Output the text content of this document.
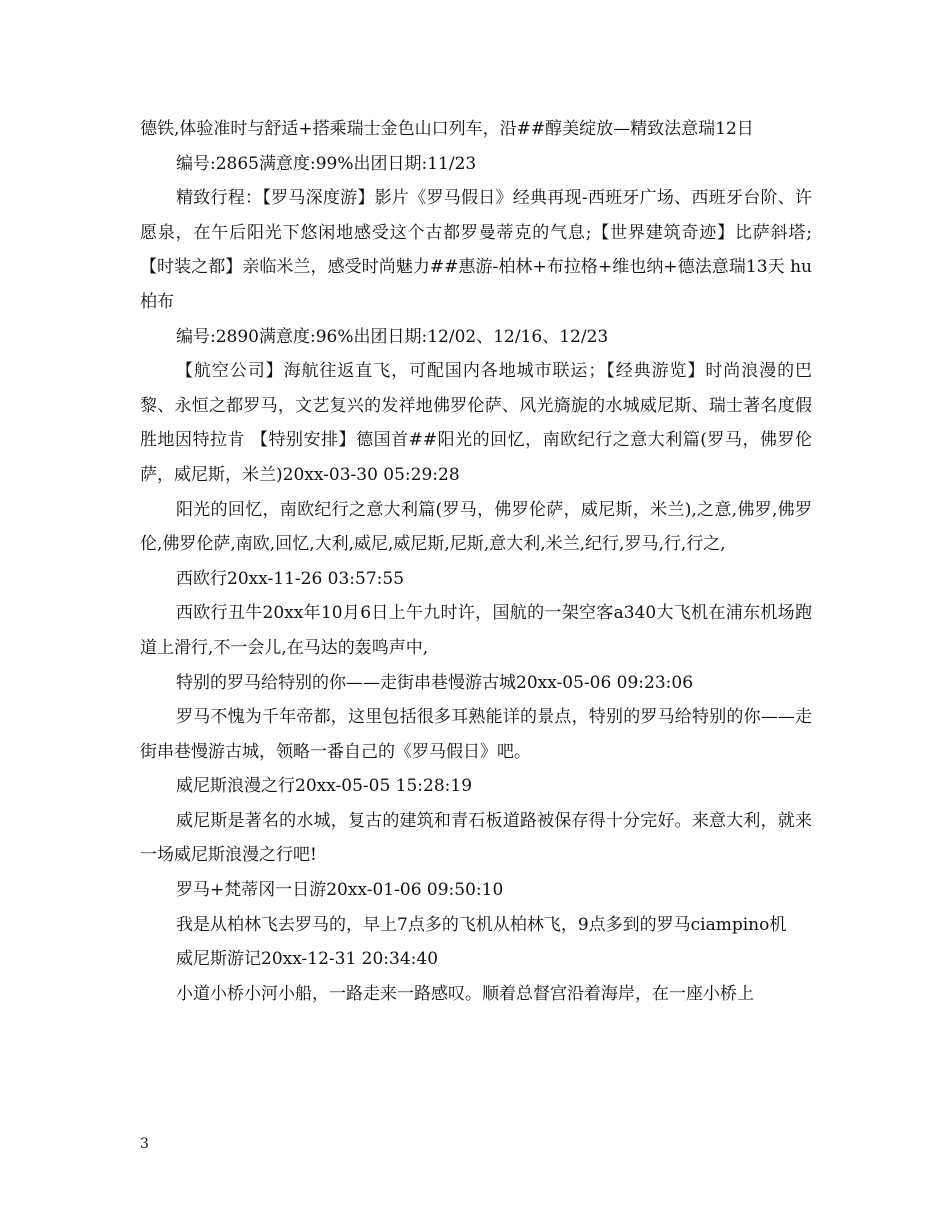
德铁,体验准时与舒适+搭乘瑞士金色山口列车，沿##醇美绽放—精致法意瑞12日

编号:2865满意度:99%出团日期:11/23

精致行程：【罗马深度游】影片《罗马假日》经典再现-西班牙广场、西班牙台阶、许愿泉，在午后阳光下悠闲地感受这个古都罗曼蒂克的气息;【世界建筑奇迹】比萨斜塔;【时装之都】亲临米兰，感受时尚魅力##惠游-柏林+布拉格+维也纳+德法意瑞13天 hu 柏布

编号:2890满意度:96%出团日期:12/02、12/16、12/23

【航空公司】海航往返直飞，可配国内各地城市联运；【经典游览】时尚浪漫的巴黎、永恒之都罗马，文艺复兴的发祥地佛罗伦萨、风光旖旎的水城威尼斯、瑞士著名度假胜地因特拉肯 【特别安排】德国首##阳光的回忆，南欧纪行之意大利篇(罗马，佛罗伦萨，威尼斯，米兰)20xx-03-30 05:29:28

阳光的回忆，南欧纪行之意大利篇(罗马，佛罗伦萨，威尼斯，米兰),之意,佛罗,佛罗伦,佛罗伦萨,南欧,回忆,大利,威尼,威尼斯,尼斯,意大利,米兰,纪行,罗马,行,行之,

西欧行20xx-11-26 03:57:55

西欧行丑牛20xx年10月6日上午九时许，国航的一架空客a340大飞机在浦东机场跑道上滑行,不一会儿,在马达的轰鸣声中,

特别的罗马给特别的你——走街串巷慢游古城20xx-05-06 09:23:06

罗马不愧为千年帝都，这里包括很多耳熟能详的景点，特别的罗马给特别的你——走街串巷慢游古城，领略一番自己的《罗马假日》吧。

威尼斯浪漫之行20xx-05-05 15:28:19

威尼斯是著名的水城，复古的建筑和青石板道路被保存得十分完好。来意大利，就来一场威尼斯浪漫之行吧!

罗马+梵蒂冈一日游20xx-01-06 09:50:10

我是从柏林飞去罗马的，早上7点多的飞机从柏林飞，9点多到的罗马ciampino机

威尼斯游记20xx-12-31 20:34:40

小道小桥小河小船，一路走来一路感叹。顺着总督宫沿着海岸，在一座小桥上

3
